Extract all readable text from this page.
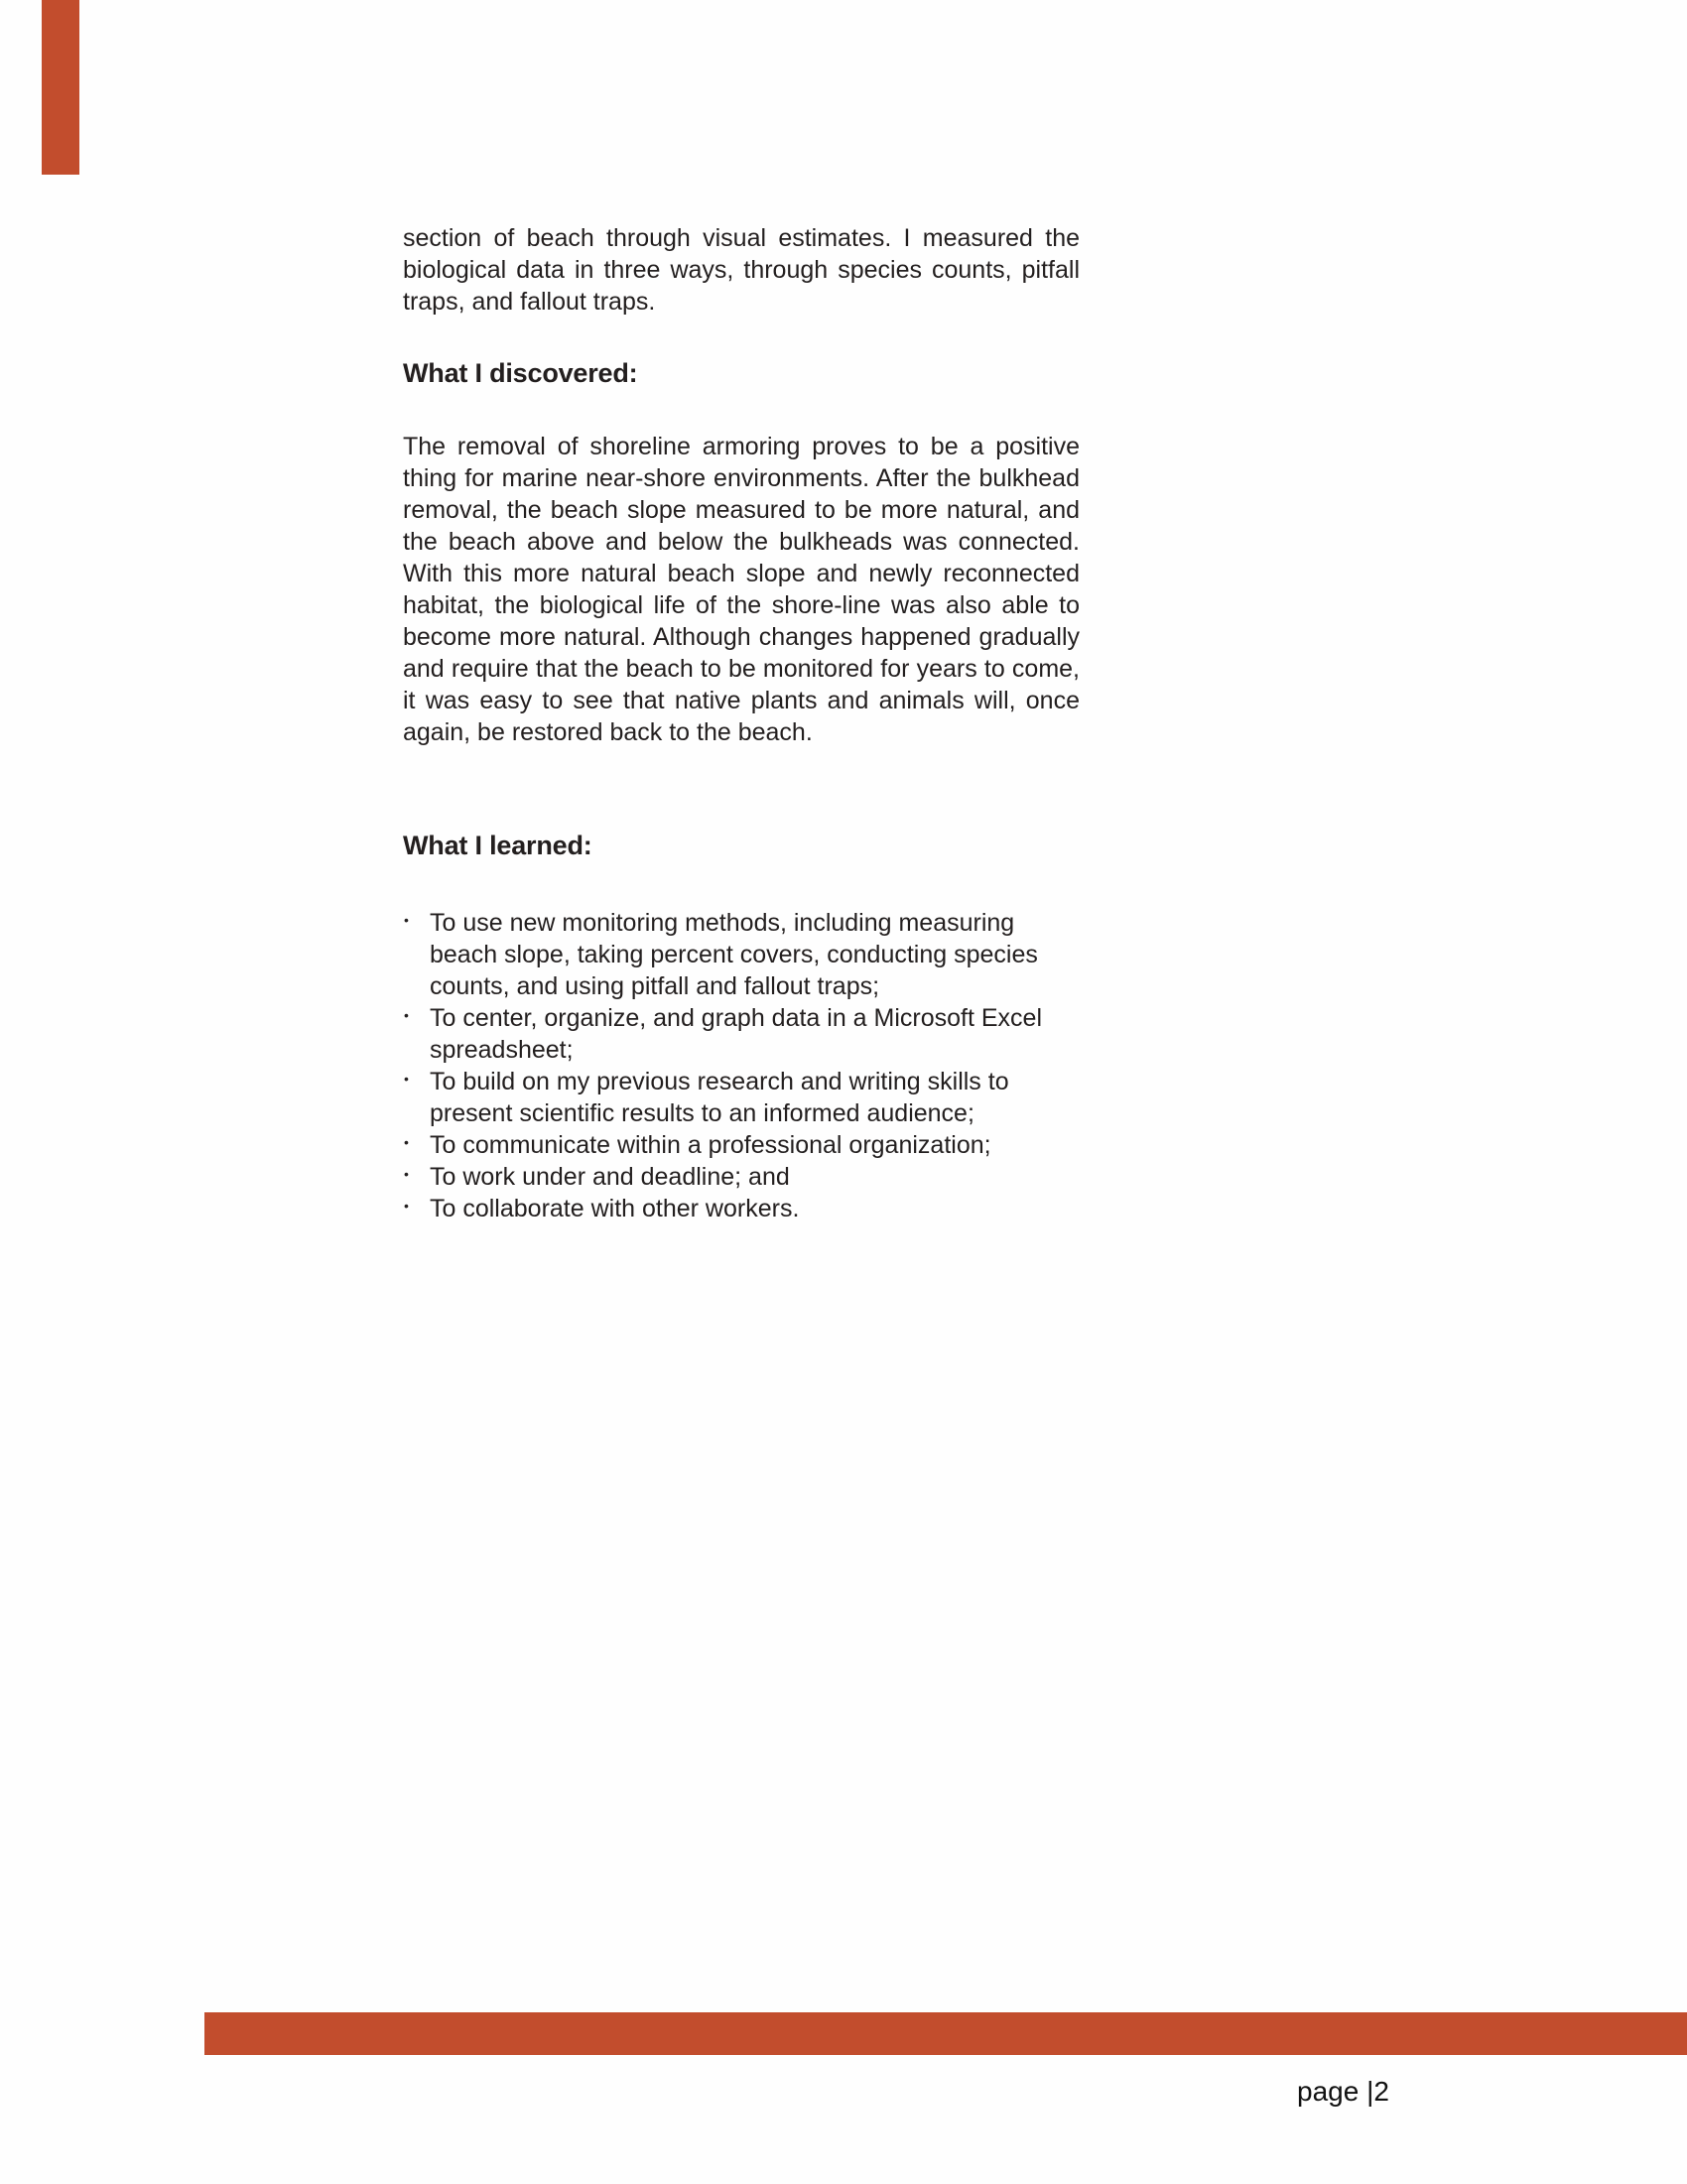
section of beach through visual estimates. I measured the biological data in three ways, through species counts, pitfall traps, and fallout traps.

What I discovered:

The removal of shoreline armoring proves to be a positive thing for marine near-shore environments. After the bulkhead removal, the beach slope measured to be more natural, and the beach above and below the bulkheads was connected. With this more natural beach slope and newly reconnected habitat, the biological life of the shore-line was also able to become more natural. Although changes happened gradually and require that the beach to be monitored for years to come, it was easy to see that native plants and animals will, once again, be restored back to the beach.

What I learned:
• To use new monitoring methods, including measuring beach slope, taking percent covers, conducting species counts, and using pitfall and fallout traps;
• To center, organize, and graph data in a Microsoft Excel spreadsheet;
• To build on my previous research and writing skills to present scientific results to an informed audience;
• To communicate within a professional organization;
• To work under and deadline; and
• To collaborate with other workers.
page |2
